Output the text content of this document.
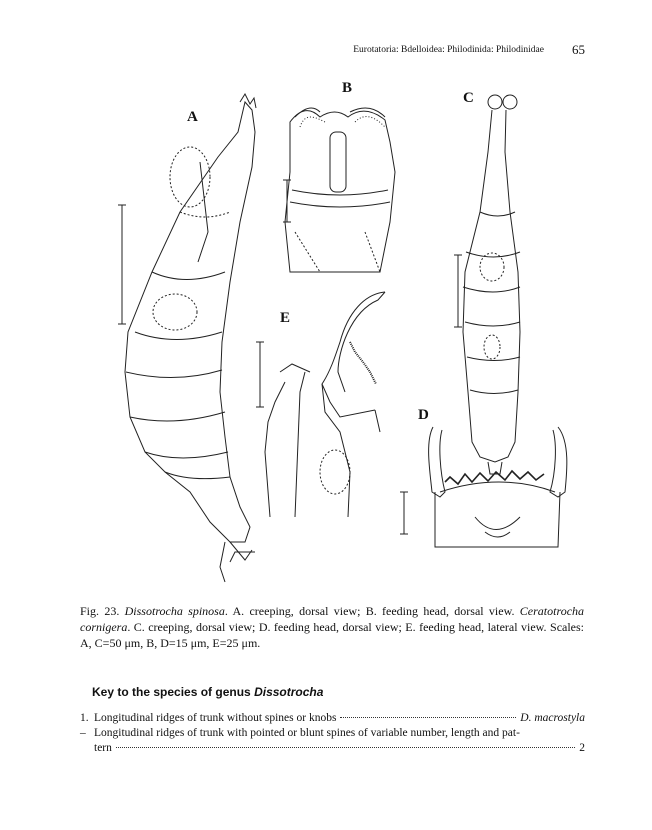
Eurotatoria: Bdelloidea: Philodinida: Philodinidae 65
A
B
C
D
E
Fig. 23. Dissotrocha spinosa. A. creeping, dorsal view; B. feeding head, dorsal view. Ceratotrocha cornigera. C. creeping, dorsal view; D. feeding head, dorsal view; E. feeding head, lateral view. Scales: A, C=50 μm, B, D=15 μm, E=25 μm.
Key to the species of genus Dissotrocha
1. Longitudinal ridges of trunk without spines or knobs	D. macrostyla
– Longitudinal ridges of trunk with pointed or blunt spines of variable number, length and pat-
tern	2
